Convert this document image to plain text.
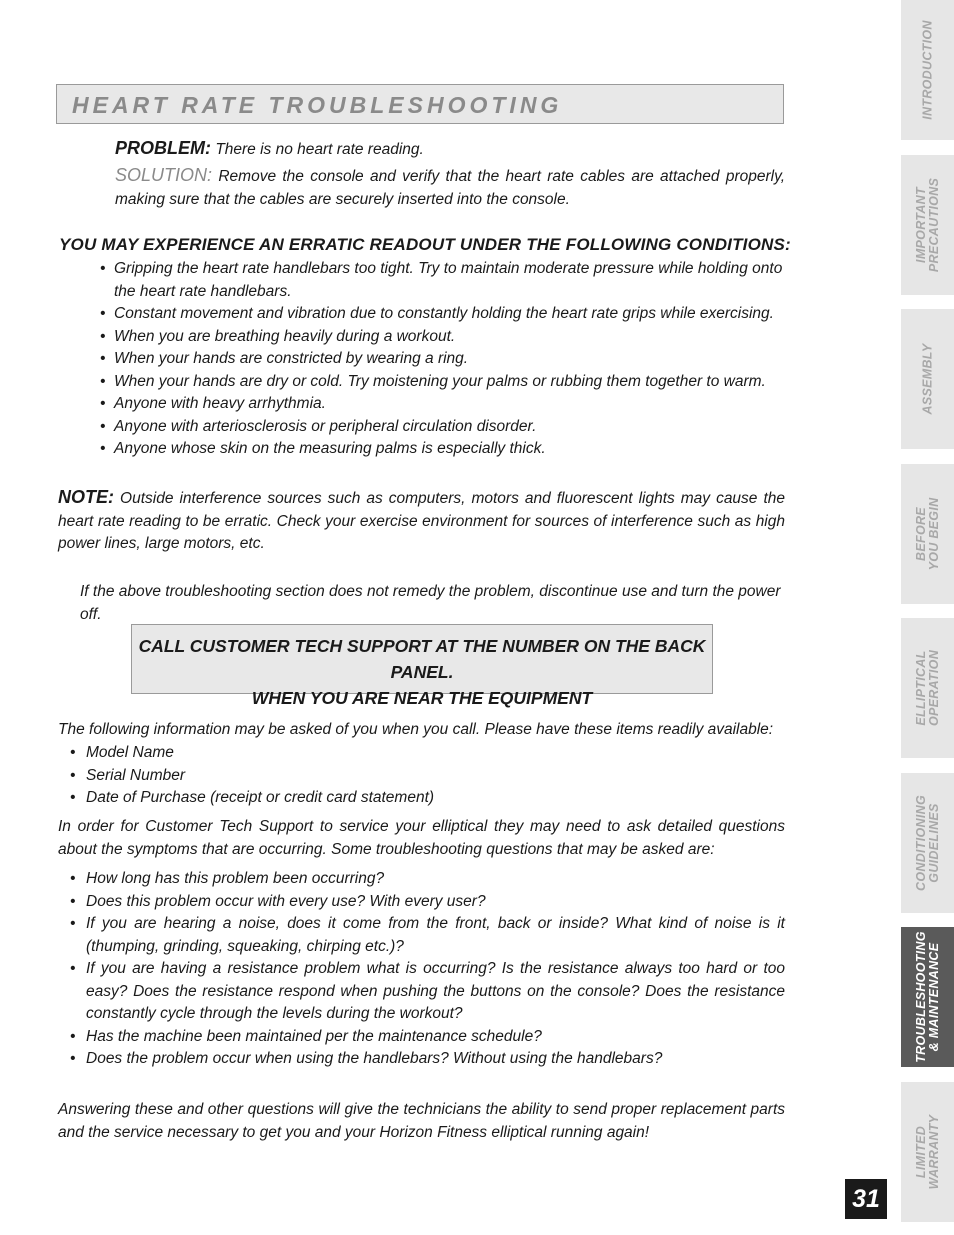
HEART RATE TROUBLESHOOTING
PROBLEM: There is no heart rate reading.
SOLUTION: Remove the console and verify that the heart rate cables are attached properly, making sure that the cables are securely inserted into the console.
YOU MAY EXPERIENCE AN ERRATIC READOUT UNDER THE FOLLOWING CONDITIONS:
• Gripping the heart rate handlebars too tight. Try to maintain moderate pressure while holding onto the heart rate handlebars.
• Constant movement and vibration due to constantly holding the heart rate grips while exercising.
• When you are breathing heavily during a workout.
• When your hands are constricted by wearing a ring.
• When your hands are dry or cold. Try moistening your palms or rubbing them together to warm.
• Anyone with heavy arrhythmia.
• Anyone with arteriosclerosis or peripheral circulation disorder.
• Anyone whose skin on the measuring palms is especially thick.
NOTE: Outside interference sources such as computers, motors and fluorescent lights may cause the heart rate reading to be erratic. Check your exercise environment for sources of interference such as high power lines, large motors, etc.
If the above troubleshooting section does not remedy the problem, discontinue use and turn the power off.
CALL CUSTOMER TECH SUPPORT AT THE NUMBER ON THE BACK PANEL.
WHEN YOU ARE NEAR THE EQUIPMENT
The following information may be asked of you when you call. Please have these items readily available:
• Model Name
• Serial Number
• Date of Purchase (receipt or credit card statement)
In order for Customer Tech Support to service your elliptical they may need to ask detailed questions about the symptoms that are occurring. Some troubleshooting questions that may be asked are:
• How long has this problem been occurring?
• Does this problem occur with every use? With every user?
• If you are hearing a noise, does it come from the front, back or inside? What kind of noise is it (thumping, grinding, squeaking, chirping etc.)?
• If you are having a resistance problem what is occurring? Is the resistance always too hard or too easy? Does the resistance respond when pushing the buttons on the console? Does the resistance constantly cycle through the levels during the workout?
• Has the machine been maintained per the maintenance schedule?
• Does the problem occur when using the handlebars? Without using the handlebars?
Answering these and other questions will give the technicians the ability to send proper replacement parts and the service necessary to get you and your Horizon Fitness elliptical running again!
INTRODUCTION
IMPORTANT
PRECAUTIONS
ASSEMBLY
BEFORE
YOU BEGIN
ELLIPTICAL
OPERATION
CONDITIONING
GUIDELINES
TROUBLESHOOTING
& MAINTENANCE
LIMITED
WARRANTY
31
